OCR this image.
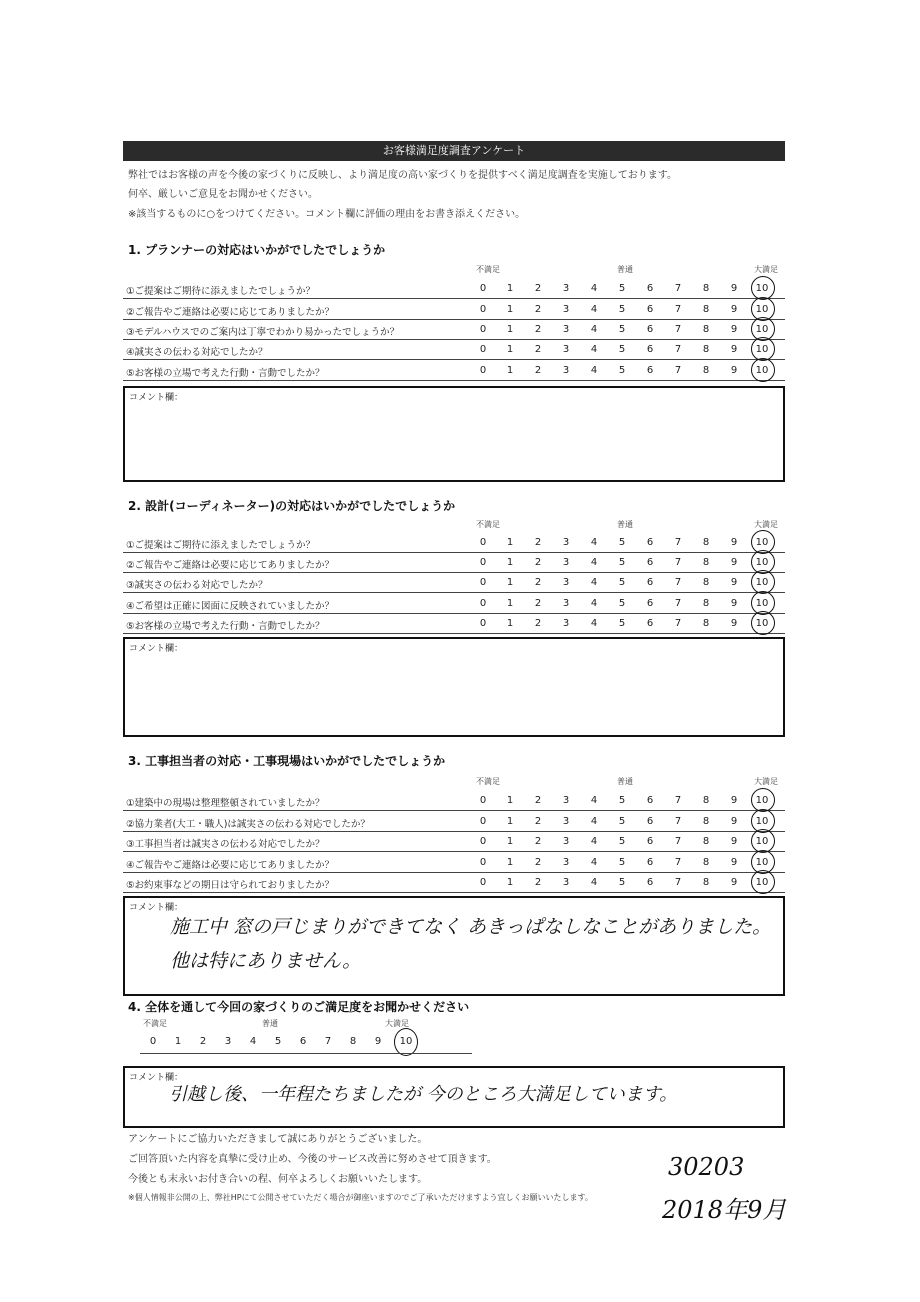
お客様満足度調査アンケート
弊社ではお客様の声を今後の家づくりに反映し、より満足度の高い家づくりを提供すべく満足度調査を実施しております。
何卒、厳しいご意見をお聞かせください。
※該当するものに○をつけてください。コメント欄に評価の理由をお書き添えください。
1. プランナーの対応はいかがでしたでしょうか
不満足	普通	大満足
①ご提案はご期待に添えましたでしょうか？	0	1	2	3	4	5	6	7	8	9	10
②ご報告やご連絡は必要に応じてありましたか？	0	1	2	3	4	5	6	7	8	9	10
③モデルハウスでのご案内は丁寧でわかり易かったでしょうか？	0	1	2	3	4	5	6	7	8	9	10
④誠実さの伝わる対応でしたか？	0	1	2	3	4	5	6	7	8	9	10
⑤お客様の立場で考えた行動・言動でしたか？	0	1	2	3	4	5	6	7	8	9	10
コメント欄：
2. 設計(コーディネーター)の対応はいかがでしたでしょうか
不満足	普通	大満足
①ご提案はご期待に添えましたでしょうか？	0	1	2	3	4	5	6	7	8	9	10
②ご報告やご連絡は必要に応じてありましたか？	0	1	2	3	4	5	6	7	8	9	10
③誠実さの伝わる対応でしたか？	0	1	2	3	4	5	6	7	8	9	10
④ご希望は正確に図面に反映されていましたか？	0	1	2	3	4	5	6	7	8	9	10
⑤お客様の立場で考えた行動・言動でしたか？	0	1	2	3	4	5	6	7	8	9	10
コメント欄：
3. 工事担当者の対応・工事現場はいかがでしたでしょうか
不満足	普通	大満足
①建築中の現場は整理整頓されていましたか？	0	1	2	3	4	5	6	7	8	9	10
②協力業者(大工・職人)は誠実さの伝わる対応でしたか？	0	1	2	3	4	5	6	7	8	9	10
③工事担当者は誠実さの伝わる対応でしたか？	0	1	2	3	4	5	6	7	8	9	10
④ご報告やご連絡は必要に応じてありましたか？	0	1	2	3	4	5	6	7	8	9	10
⑤お約束事などの期日は守られておりましたか？	0	1	2	3	4	5	6	7	8	9	10
コメント欄：
施工中 窓の戸じまりができてなく あきっぱなしなことがありました。
他は特にありません。
4. 全体を通して今回の家づくりのご満足度をお聞かせください
不満足	普通	大満足
0	1	2	3	4	5	6	7	8	9	10
コメント欄：
引越し後、一年程たちましたが 今のところ大満足しています。
アンケートにご協力いただきまして誠にありがとうございました。
ご回答頂いた内容を真摯に受け止め、今後のサービス改善に努めさせて頂きます。
今後とも末永いお付き合いの程、何卒よろしくお願いいたします。
※個人情報非公開の上、弊社HPにて公開させていただく場合が御座いますのでご了承いただけますよう宜しくお願いいたします。
30203
2018年9月
